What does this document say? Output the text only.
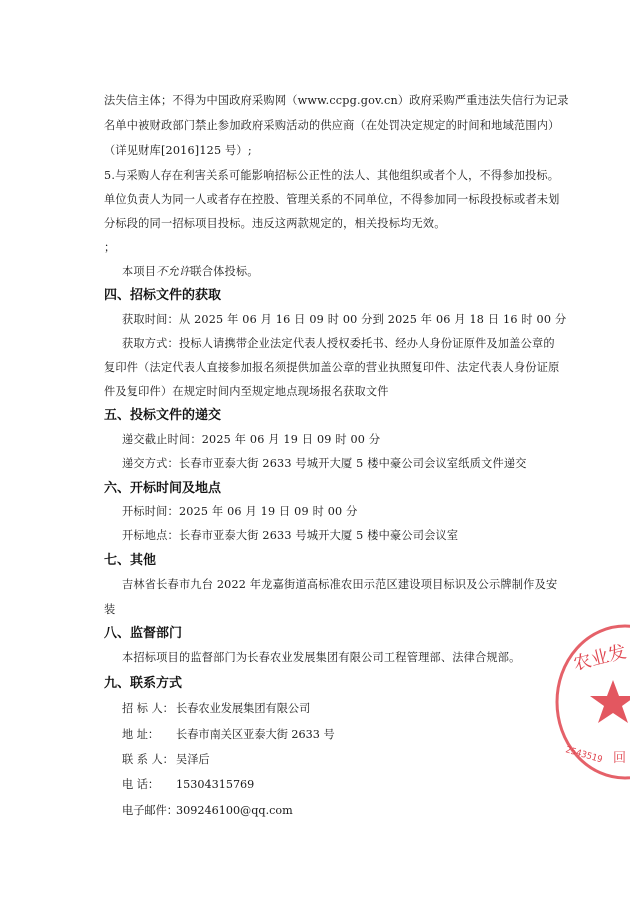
法失信主体；不得为中国政府采购网（www.ccpg.gov.cn）政府采购严重违法失信行为记录
名单中被财政部门禁止参加政府采购活动的供应商（在处罚决定规定的时间和地域范围内）
（详见财库[2016]125 号）;
5.与采购人存在利害关系可能影响招标公正性的法人、其他组织或者个人，不得参加投标。
单位负责人为同一人或者存在控股、管理关系的不同单位，不得参加同一标段投标或者未划
分标段的同一招标项目投标。违反这两款规定的，相关投标均无效。
；
本项目不允许联合体投标。
四、招标文件的获取
获取时间：从 2025 年 06 月 16 日 09 时 00 分到 2025 年 06 月 18 日 16 时 00 分
获取方式：投标人请携带企业法定代表人授权委托书、经办人身份证原件及加盖公章的
复印件（法定代表人直接参加报名须提供加盖公章的营业执照复印件、法定代表人身份证原
件及复印件）在规定时间内至规定地点现场报名获取文件
五、投标文件的递交
递交截止时间：2025 年 06 月 19 日 09 时 00 分
递交方式：长春市亚泰大街 2633 号城开大厦 5 楼中豪公司会议室纸质文件递交
六、开标时间及地点
开标时间：2025 年 06 月 19 日 09 时 00 分
开标地点：长春市亚泰大街 2633 号城开大厦 5 楼中豪公司会议室
七、其他
吉林省长春市九台 2022 年龙嘉街道高标准农田示范区建设项目标识及公示牌制作及安
装
八、监督部门
本招标项目的监督部门为长春农业发展集团有限公司工程管理部、法律合规部。
九、联系方式
招 标 人： 长春农业发展集团有限公司
地 址：	长春市南关区亚泰大街 2633 号
联 系 人： 吴泽后
电 话：	15304315769
电子邮件：
309246100@qq.com
农业发
2543519 回
